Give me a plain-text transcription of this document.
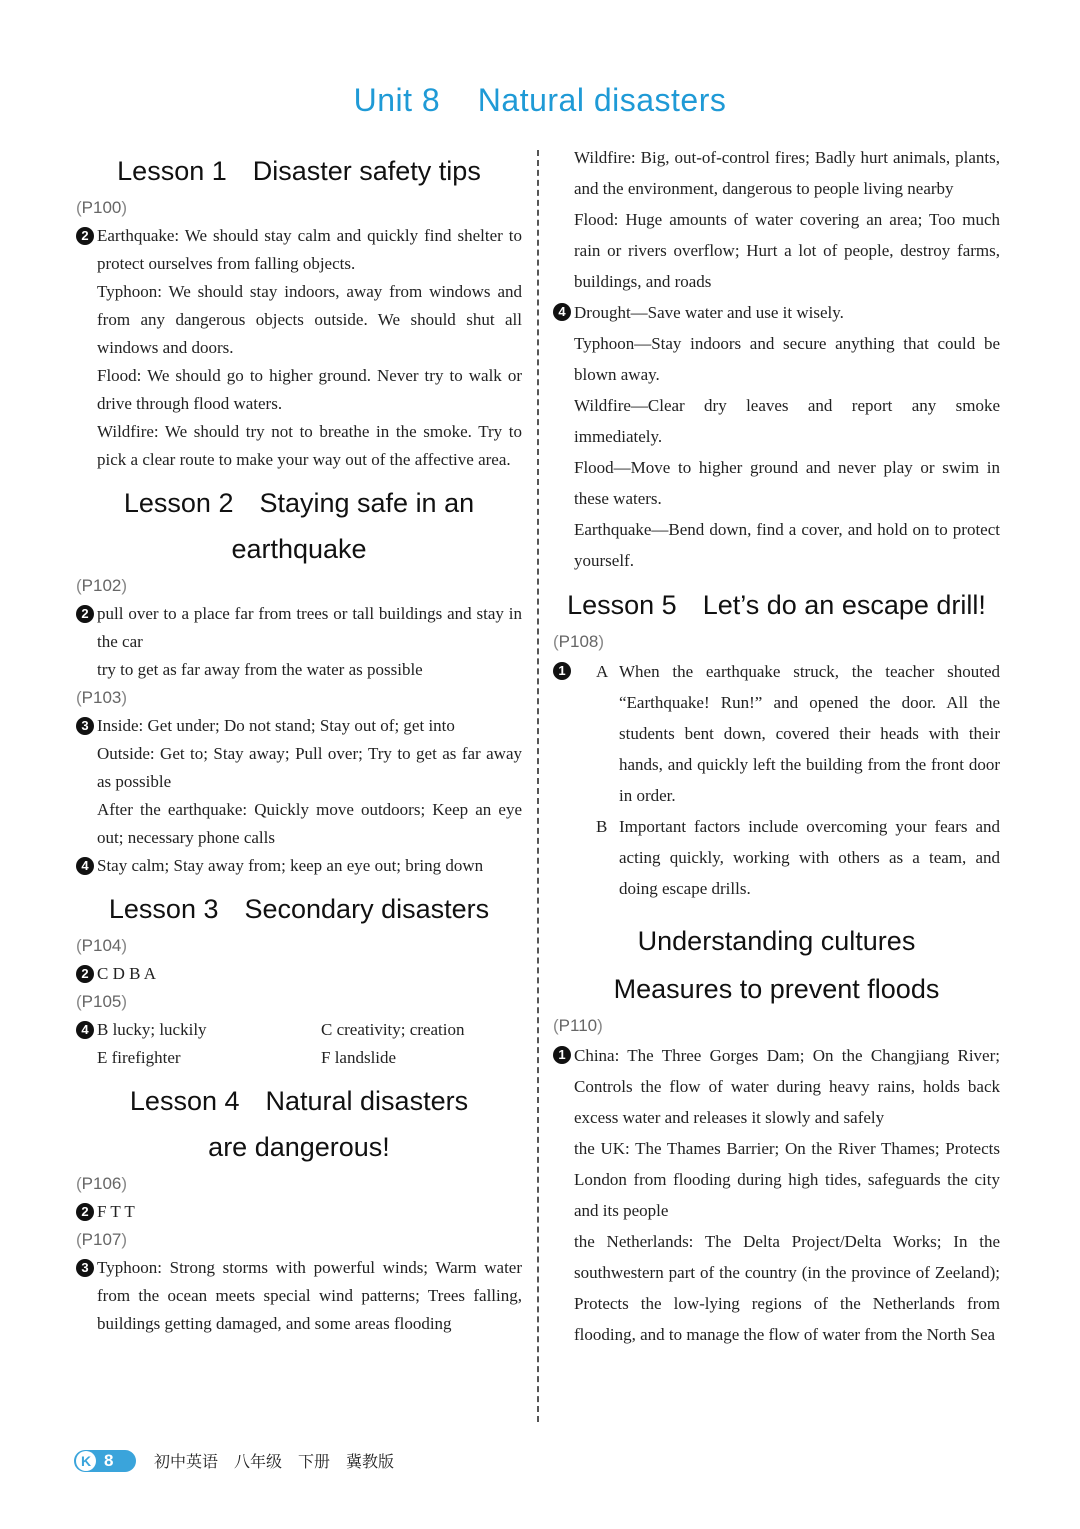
Unit 8 Natural disasters
Lesson 1 Disaster safety tips
(P100)
2 Earthquake: We should stay calm and quickly find shelter to protect ourselves from falling objects.

Typhoon: We should stay indoors, away from windows and from any dangerous objects outside. We should shut all windows and doors.

Flood: We should go to higher ground. Never try to walk or drive through flood waters.

Wildfire: We should try not to breathe in the smoke. Try to pick a clear route to make your way out of the affective area.

Lesson 2 Staying safe in an
earthquake
(P102)
2 pull over to a place far from trees or tall buildings and stay in the car

try to get as far away from the water as possible

(P103)
3 Inside: Get under; Do not stand; Stay out of; get into

Outside: Get to; Stay away; Pull over; Try to get as far away as possible

After the earthquake: Quickly move outdoors; Keep an eye out; necessary phone calls

4 Stay calm; Stay away from; keep an eye out; bring down

Lesson 3 Secondary disasters
(P104)
2 C D B A

(P105)
4 B lucky; luckily	C creativity; creation
E firefighter	F landslide
Lesson 4 Natural disasters
are dangerous!
(P106)
2 F T T

(P107)
3 Typhoon: Strong storms with powerful winds; Warm water from the ocean meets special wind patterns; Trees falling, buildings getting damaged, and some areas flooding

Wildfire: Big, out-of-control fires; Badly hurt animals, plants, and the environment, dangerous to people living nearby

Flood: Huge amounts of water covering an area; Too much rain or rivers overflow; Hurt a lot of people, destroy farms, buildings, and roads

4 Drought—Save water and use it wisely.

Typhoon—Stay indoors and secure anything that could be blown away.

Wildfire—Clear dry leaves and report any smoke immediately.

Flood—Move to higher ground and never play or swim in these waters.

Earthquake—Bend down, find a cover, and hold on to protect yourself.

Lesson 5 Let’s do an escape drill!
(P108)
1	A When the earthquake struck, the teacher shouted “Earthquake! Run!” and opened the door. All the students bent down, covered their heads with their hands, and quickly left the building from the front door in order.
B Important factors include overcoming your fears and acting quickly, working with others as a team, and doing escape drills.
Understanding cultures
Measures to prevent floods
(P110)
1 China: The Three Gorges Dam; On the Changjiang River; Controls the flow of water during heavy rains, holds back excess water and releases it slowly and safely

the UK: The Thames Barrier; On the River Thames; Protects London from flooding during high tides, safeguards the city and its people

the Netherlands: The Delta Project/Delta Works; In the southwestern part of the country (in the province of Zeeland); Protects the low-lying regions of the Netherlands from flooding, and to manage the flow of water from the North Sea

K 8	初中英语 八年级 下册 冀教版
